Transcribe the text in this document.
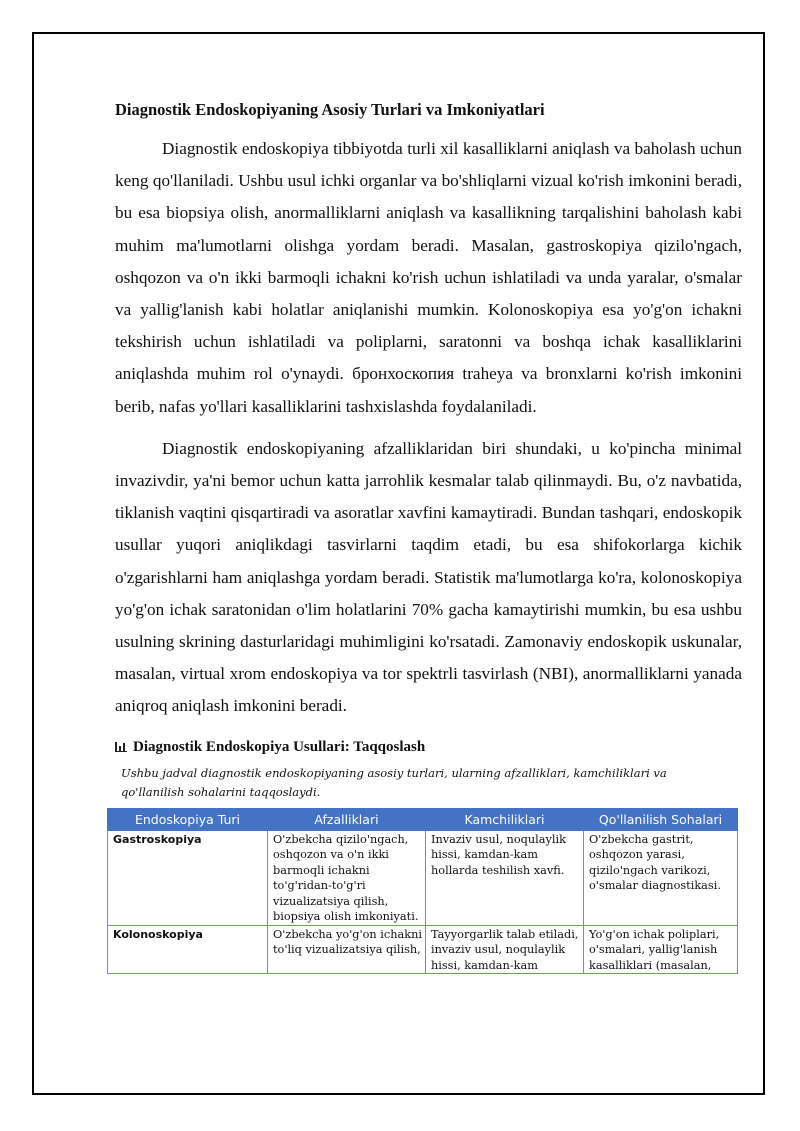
Diagnostik Endoskopiyaning Asosiy Turlari va Imkoniyatlari

Diagnostik endoskopiya tibbiyotda turli xil kasalliklarni aniqlash va baholash uchun keng qo'llaniladi. Ushbu usul ichki organlar va bo'shliqlarni vizual ko'rish imkonini beradi, bu esa biopsiya olish, anormalliklarni aniqlash va kasallikning tarqalishini baholash kabi muhim ma'lumotlarni olishga yordam beradi. Masalan, gastroskopiya qizilo'ngach, oshqozon va o'n ikki barmoqli ichakni ko'rish uchun ishlatiladi va unda yaralar, o'smalar va yallig'lanish kabi holatlar aniqlanishi mumkin. Kolonoskopiya esa yo'g'on ichakni tekshirish uchun ishlatiladi va poliplarni, saratonni va boshqa ichak kasalliklarini aniqlashda muhim rol o'ynaydi. бронхоскопия traheya va bronxlarni ko'rish imkonini berib, nafas yo'llari kasalliklarini tashxislashda foydalaniladi.

Diagnostik endoskopiyaning afzalliklaridan biri shundaki, u ko'pincha minimal invazivdir, ya'ni bemor uchun katta jarrohlik kesmalar talab qilinmaydi. Bu, o'z navbatida, tiklanish vaqtini qisqartiradi va asoratlar xavfini kamaytiradi. Bundan tashqari, endoskopik usullar yuqori aniqlikdagi tasvirlarni taqdim etadi, bu esa shifokorlarga kichik o'zgarishlarni ham aniqlashga yordam beradi. Statistik ma'lumotlarga ko'ra, kolonoskopiya yo'g'on ichak saratonidan o'lim holatlarini 70% gacha kamaytirishi mumkin, bu esa ushbu usulning skrining dasturlaridagi muhimligini ko'rsatadi. Zamonaviy endoskopik uskunalar, masalan, virtual xrom endoskopiya va tor spektrli tasvirlash (NBI), anormalliklarni yanada aniqroq aniqlash imkonini beradi.

Diagnostik Endoskopiya Usullari: Taqqoslash
Ushbu jadval diagnostik endoskopiyaning asosiy turlari, ularning afzalliklari, kamchiliklari va qo'llanilish sohalarini taqqoslaydi.
Endoskopiya Turi	Afzalliklari	Kamchiliklari	Qo'llanilish Sohalari
Gastroskopiya	O'zbekcha qizilo'ngach, oshqozon va o'n ikki barmoqli ichakni to'g'ridan-to'g'ri vizualizatsiya qilish, biopsiya olish imkoniyati.	Invaziv usul, noqulaylik hissi, kamdan-kam hollarda teshilish xavfi.	O'zbekcha gastrit, oshqozon yarasi, qizilo'ngach varikozi, o'smalar diagnostikasi.
Kolonoskopiya	O'zbekcha yo'g'on ichakni to'liq vizualizatsiya qilish,	Tayyorgarlik talab etiladi, invaziv usul, noqulaylik hissi, kamdan-kam	Yo'g'on ichak poliplari, o'smalari, yallig'lanish kasalliklari (masalan,
